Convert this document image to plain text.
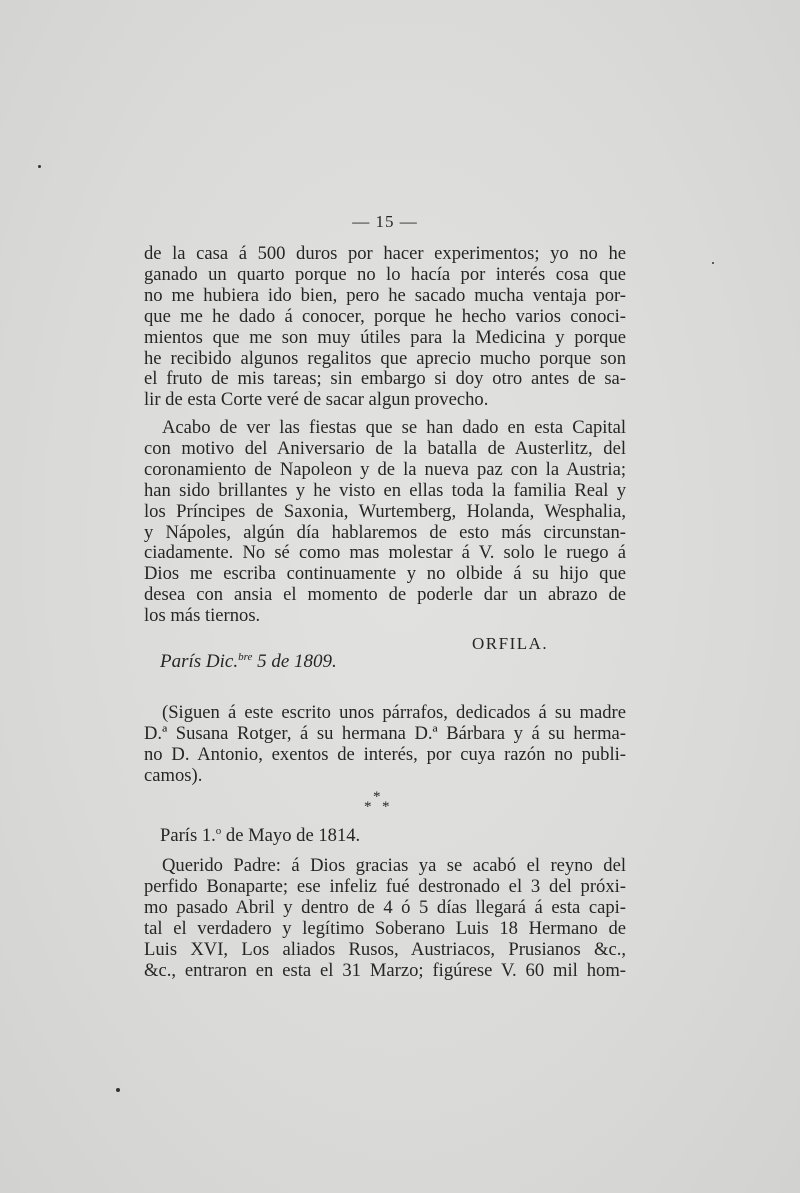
— 15 —
de la casa á 500 duros por hacer experimentos; yo no he
ganado un quarto porque no lo hacía por interés cosa que
no me hubiera ido bien, pero he sacado mucha ventaja por-
que me he dado á conocer, porque he hecho varios conoci-
mientos que me son muy útiles para la Medicina y porque
he recibido algunos regalitos que aprecio mucho porque son
el fruto de mis tareas; sin embargo si doy otro antes de sa-
lir de esta Corte veré de sacar algun provecho.
Acabo de ver las fiestas que se han dado en esta Capital
con motivo del Aniversario de la batalla de Austerlitz, del
coronamiento de Napoleon y de la nueva paz con la Austria;
han sido brillantes y he visto en ellas toda la familia Real y
los Príncipes de Saxonia, Wurtemberg, Holanda, Wesphalia,
y Nápoles, algún día hablaremos de esto más circunstan-
ciadamente. No sé como mas molestar á V. solo le ruego á
Dios me escriba continuamente y no olbide á su hijo que
desea con ansia el momento de poderle dar un abrazo de
los más tiernos.
ORFILA.
París Dic.$^{bre}$ 5 de 1809.
(Siguen á este escrito unos párrafos, dedicados á su madre
D.ª Susana Rotger, á su hermana D.ª Bárbara y á su herma-
no D. Antonio, exentos de interés, por cuya razón no publi-
camos).
*
* *
París 1.$^o$ de Mayo de 1814.
Querido Padre: á Dios gracias ya se acabó el reyno del
perfido Bonaparte; ese infeliz fué destronado el 3 del próxi-
mo pasado Abril y dentro de 4 ó 5 días llegará á esta capi-
tal el verdadero y legítimo Soberano Luis 18 Hermano de
Luis XVI, Los aliados Rusos, Austriacos, Prusianos &c.,
&c., entraron en esta el 31 Marzo; figúrese V. 60 mil hom-
